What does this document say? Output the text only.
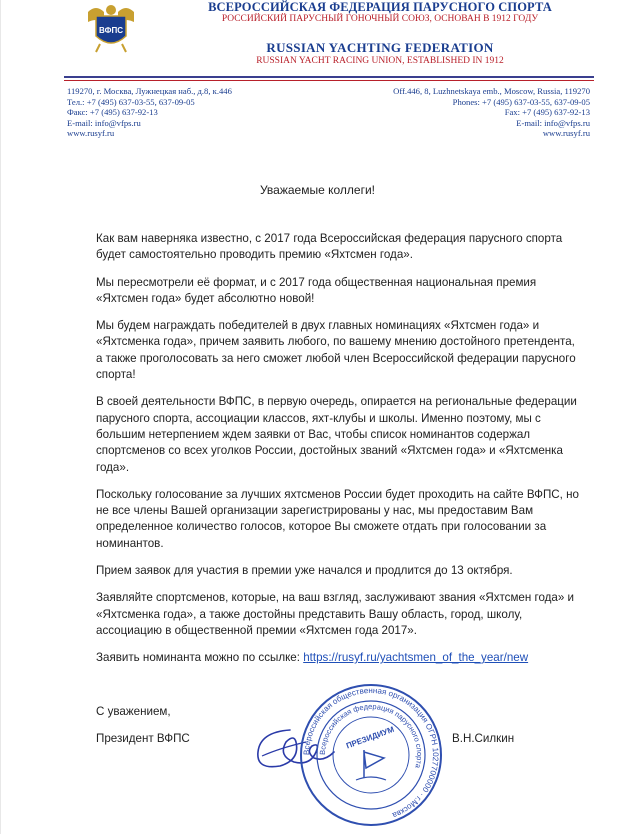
ВФПС
ВСЕРОССИЙСКАЯ ФЕДЕРАЦИЯ ПАРУСНОГО СПОРТА
РОССИЙСКИЙ ПАРУСНЫЙ ГОНОЧНЫЙ СОЮЗ, ОСНОВАН В 1912 ГОДУ
RUSSIAN YACHTING FEDERATION
RUSSIAN YACHT RACING UNION, ESTABLISHED IN 1912
119270, г. Москва, Лужнецкая наб., д.8, к.446
Тел.: +7 (495) 637-03-55, 637-09-05
Факс: +7 (495) 637-92-13
E-mail: info@vfps.ru
www.rusyf.ru
Off.446, 8, Luzhnetskaya emb., Moscow, Russia, 119270
Phones: +7 (495) 637-03-55, 637-09-05
Fax: +7 (495) 637-92-13
E-mail: info@vfps.ru
www.rusyf.ru
Уважаемые коллеги!

Как вам наверняка известно, с 2017 года Всероссийская федерация парусного спорта будет самостоятельно проводить премию «Яхтсмен года».

Мы пересмотрели её формат, и с 2017 года общественная национальная премия «Яхтсмен года» будет абсолютно новой!

Мы будем награждать победителей в двух главных номинациях «Яхтсмен года» и «Яхтсменка года», причем заявить любого, по вашему мнению достойного претендента, а также проголосовать за него сможет любой член Всероссийской федерации парусного спорта!

В своей деятельности ВФПС, в первую очередь, опирается на региональные федерации парусного спорта, ассоциации классов, яхт-клубы и школы. Именно поэтому, мы с большим нетерпением ждем заявки от Вас, чтобы список номинантов содержал спортсменов со всех уголков России, достойных званий «Яхтсмен года» и «Яхтсменка года».

Поскольку голосование за лучших яхтсменов России будет проходить на сайте ВФПС, но не все члены Вашей организации зарегистрированы у нас, мы предоставим Вам определенное количество голосов, которое Вы сможете отдать при голосовании за номинантов.

Прием заявок для участия в премии уже начался и продлится до 13 октября.

Заявляйте спортсменов, которые, на ваш взгляд, заслуживают звания «Яхтсмен года» и «Яхтсменка года», а также достойны представить Вашу область, город, школу, ассоциацию в общественной премии «Яхтсмен года 2017».

Заявить номинанта можно по ссылке: https://rusyf.ru/yachtsmen_of_the_year/new

С уважением,
Президент ВФПС	В.Н.Силкин
Всероссийская общественная организация ОГРН 1027700000 · г.Москва
Всероссийская федерация парусного спорта
ПРЕЗИДИУМ
